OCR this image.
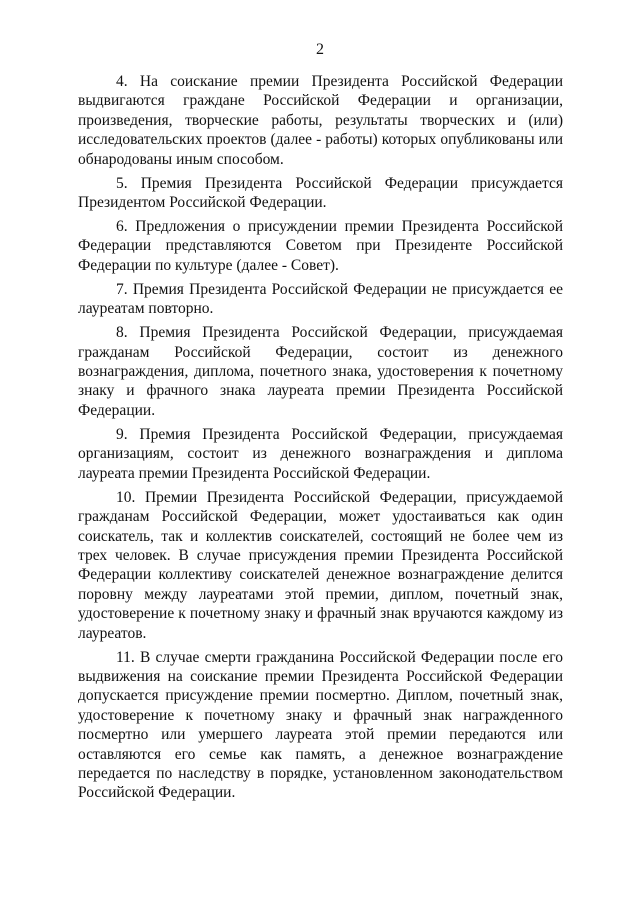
2

4. На соискание премии Президента Российской Федерации выдвигаются граждане Российской Федерации и организации, произведения, творческие работы, результаты творческих и (или) исследовательских проектов (далее - работы) которых опубликованы или обнародованы иным способом.

5. Премия Президента Российской Федерации присуждается Президентом Российской Федерации.

6. Предложения о присуждении премии Президента Российской Федерации представляются Советом при Президенте Российской Федерации по культуре (далее - Совет).

7. Премия Президента Российской Федерации не присуждается ее лауреатам повторно.

8. Премия Президента Российской Федерации, присуждаемая гражданам Российской Федерации, состоит из денежного вознаграждения, диплома, почетного знака, удостоверения к почетному знаку и фрачного знака лауреата премии Президента Российской Федерации.

9. Премия Президента Российской Федерации, присуждаемая организациям, состоит из денежного вознаграждения и диплома лауреата премии Президента Российской Федерации.

10. Премии Президента Российской Федерации, присуждаемой гражданам Российской Федерации, может удостаиваться как один соискатель, так и коллектив соискателей, состоящий не более чем из трех человек. В случае присуждения премии Президента Российской Федерации коллективу соискателей денежное вознаграждение делится поровну между лауреатами этой премии, диплом, почетный знак, удостоверение к почетному знаку и фрачный знак вручаются каждому из лауреатов.

11. В случае смерти гражданина Российской Федерации после его выдвижения на соискание премии Президента Российской Федерации допускается присуждение премии посмертно. Диплом, почетный знак, удостоверение к почетному знаку и фрачный знак награжденного посмертно или умершего лауреата этой премии передаются или оставляются его семье как память, а денежное вознаграждение передается по наследству в порядке, установленном законодательством Российской Федерации.
